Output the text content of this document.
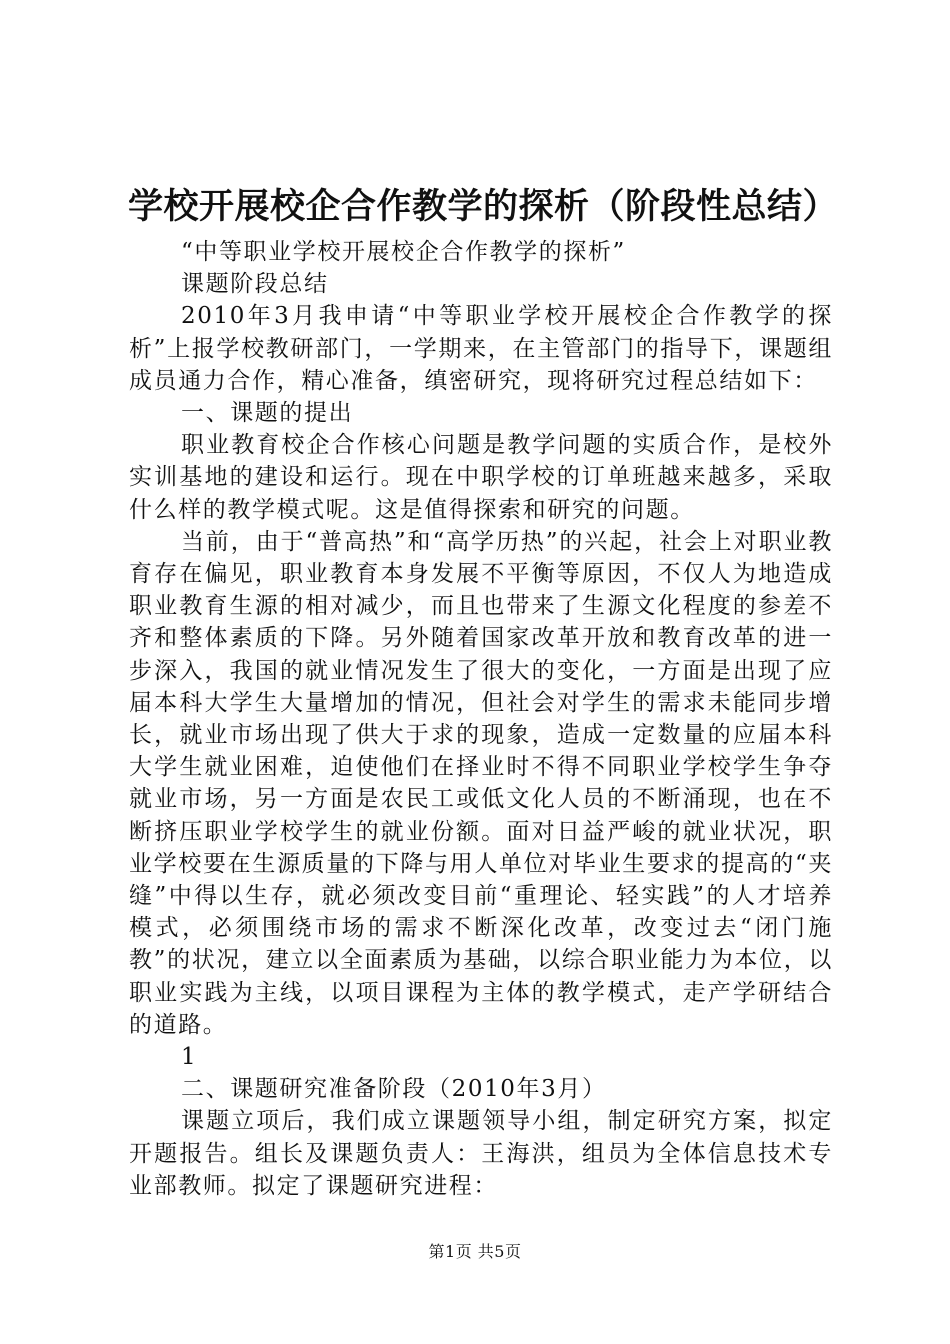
学校开展校企合作教学的探析（阶段性总结）

“中等职业学校开展校企合作教学的探析”

课题阶段总结

2010年3月我申请“中等职业学校开展校企合作教学的探析”上报学校教研部门，一学期来，在主管部门的指导下，课题组成员通力合作，精心准备，缜密研究，现将研究过程总结如下：

一、课题的提出

职业教育校企合作核心问题是教学问题的实质合作，是校外实训基地的建设和运行。现在中职学校的订单班越来越多，采取什么样的教学模式呢。这是值得探索和研究的问题。

当前，由于“普高热”和“高学历热”的兴起，社会上对职业教育存在偏见，职业教育本身发展不平衡等原因，不仅人为地造成职业教育生源的相对减少，而且也带来了生源文化程度的参差不齐和整体素质的下降。另外随着国家改革开放和教育改革的进一步深入，我国的就业情况发生了很大的变化，一方面是出现了应届本科大学生大量增加的情况，但社会对学生的需求未能同步增长，就业市场出现了供大于求的现象，造成一定数量的应届本科大学生就业困难，迫使他们在择业时不得不同职业学校学生争夺就业市场，另一方面是农民工或低文化人员的不断涌现，也在不断挤压职业学校学生的就业份额。面对日益严峻的就业状况，职业学校要在生源质量的下降与用人单位对毕业生要求的提高的“夹缝”中得以生存，就必须改变目前“重理论、轻实践”的人才培养模式，必须围绕市场的需求不断深化改革，改变过去“闭门施教”的状况，建立以全面素质为基础，以综合职业能力为本位，以职业实践为主线，以项目课程为主体的教学模式，走产学研结合的道路。

1

二、课题研究准备阶段（2010年3月）

课题立项后，我们成立课题领导小组，制定研究方案，拟定开题报告。组长及课题负责人：王海洪，组员为全体信息技术专业部教师。拟定了课题研究进程：

第1页 共5页
